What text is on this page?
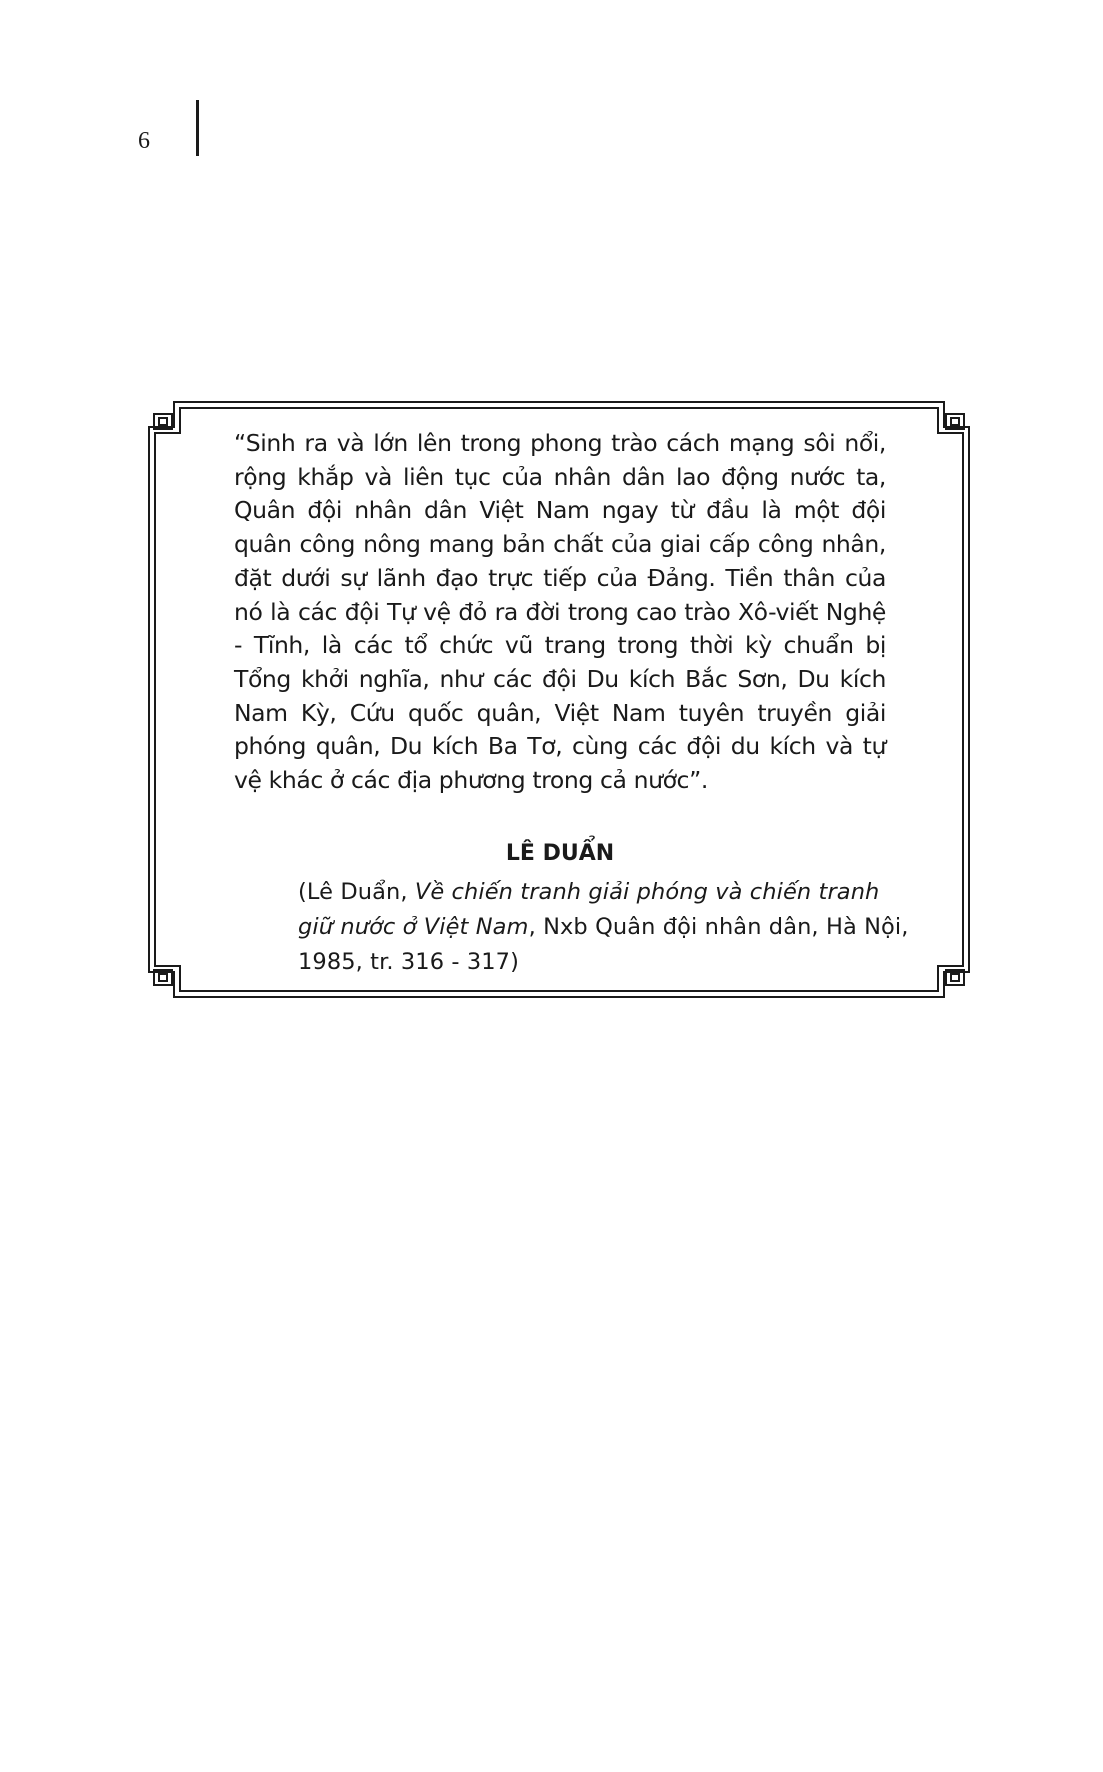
6

“Sinh ra và lớn lên trong phong trào cách mạng sôi nổi, rộng khắp và liên tục của nhân dân lao động nước ta, Quân đội nhân dân Việt Nam ngay từ đầu là một đội quân công nông mang bản chất của giai cấp công nhân, đặt dưới sự lãnh đạo trực tiếp của Đảng. Tiền thân của nó là các đội Tự vệ đỏ ra đời trong cao trào Xô-viết Nghệ - Tĩnh, là các tổ chức vũ trang trong thời kỳ chuẩn bị Tổng khởi nghĩa, như các đội Du kích Bắc Sơn, Du kích Nam Kỳ, Cứu quốc quân, Việt Nam tuyên truyền giải phóng quân, Du kích Ba Tơ, cùng các đội du kích và tự vệ khác ở các địa phương trong cả nước”.

LÊ DUẨN

(Lê Duẩn, Về chiến tranh giải phóng và chiến tranh giữ nước ở Việt Nam, Nxb Quân đội nhân dân, Hà Nội, 1985, tr. 316 - 317)
